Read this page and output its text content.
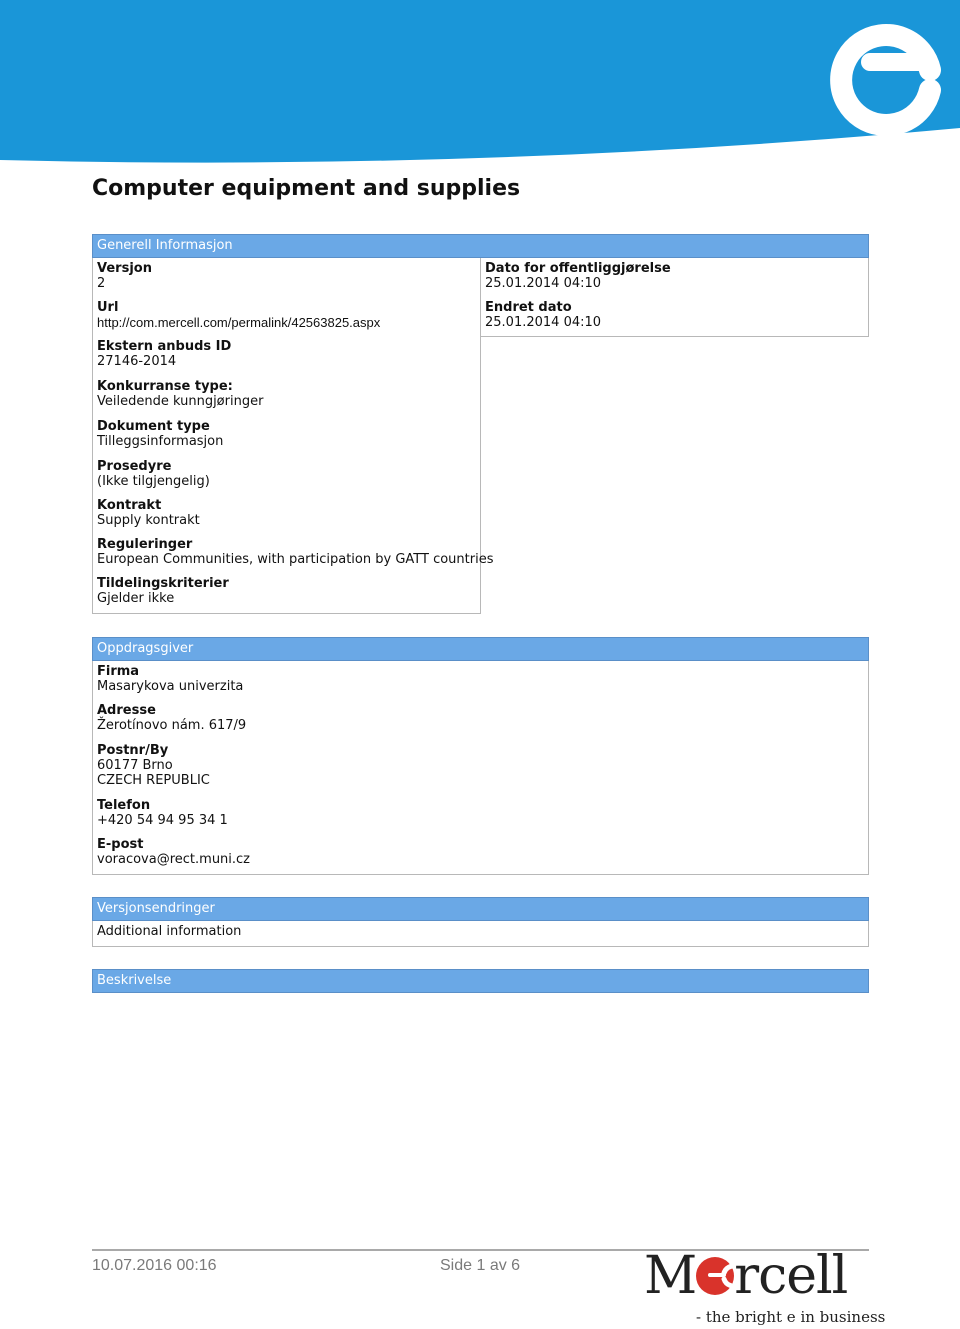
Computer equipment and supplies
Generell Informasjon
Versjon
2
Dato for offentliggjørelse
25.01.2014 04:10
Url
http://com.mercell.com/permalink/42563825.aspx
Endret dato
25.01.2014 04:10
Ekstern anbuds ID
27146-2014
Konkurranse type:
Veiledende kunngjøringer
Dokument type
Tilleggsinformasjon
Prosedyre
(Ikke tilgjengelig)
Kontrakt
Supply kontrakt
Reguleringer
European Communities, with participation by GATT countries
Tildelingskriterier
Gjelder ikke
Oppdragsgiver
Firma
Masarykova univerzita
Adresse
Žerotínovo nám. 617/9
Postnr/By
60177 Brno
CZECH REPUBLIC
Telefon
+420 54 94 95 34 1
E-post
voracova@rect.muni.cz
Versjonsendringer
Additional information
Beskrivelse
10.07.2016 00:16	Side 1 av 6 M rcell
- the bright e in business
